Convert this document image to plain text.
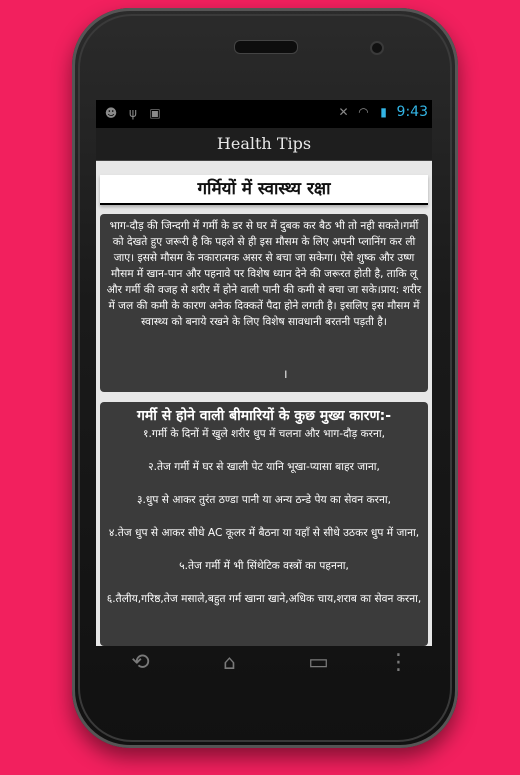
☻ ψ ▣	✕ ◠ ▮ 9:43
Health Tips
गर्मियों में स्वास्थ्य रक्षा
भाग-दौड़ की जिन्दगी में गर्मी के डर से घर में दुबक कर बैठ भी तो नही सकते।गर्मी को देखते हुए जरूरी है कि पहले से ही इस मौसम के लिए अपनी प्लानिंग कर ली जाए। इससे मौसम के नकारात्मक असर से बचा जा सकेगा। ऐसे शुष्क और उष्ण मौसम में खान-पान और पहनावे पर विशेष ध्यान देने की जरूरत होती है, ताकि लू और गर्मी की वजह से शरीर में होने वाली पानी की कमी से बचा जा सके।प्राय: शरीर में जल की कमी के कारण अनेक दिक्कतें पैदा होने लगती है। इसलिए इस मौसम में स्वास्थ्य को बनाये रखने के लिए विशेष सावधानी बरतनी पड़ती है।
।
गर्मी से होने वाली बीमारियों के कुछ मुख्य कारण:-
१.गर्मी के दिनों में खुले शरीर धुप में चलना और भाग-दौड़ करना,
२.तेज गर्मी में घर से खाली पेट यानि भूखा-प्यासा बाहर जाना,
३.धुप से आकर तुरंत ठण्डा पानी या अन्य ठन्डे पेय का सेवन करना,
४.तेज धुप से आकर सीधे AC कूलर में बैठना या यहाँ से सीधे उठकर धुप में जाना,
५.तेज गर्मी में भी सिंथेटिक वस्त्रों का पहनना,
६.तैलीय,गरिष्ठ,तेज मसाले,बहुत गर्म खाना खाने,अधिक चाय,शराब का सेवन करना,
⟲	⌂	▭	⋮
